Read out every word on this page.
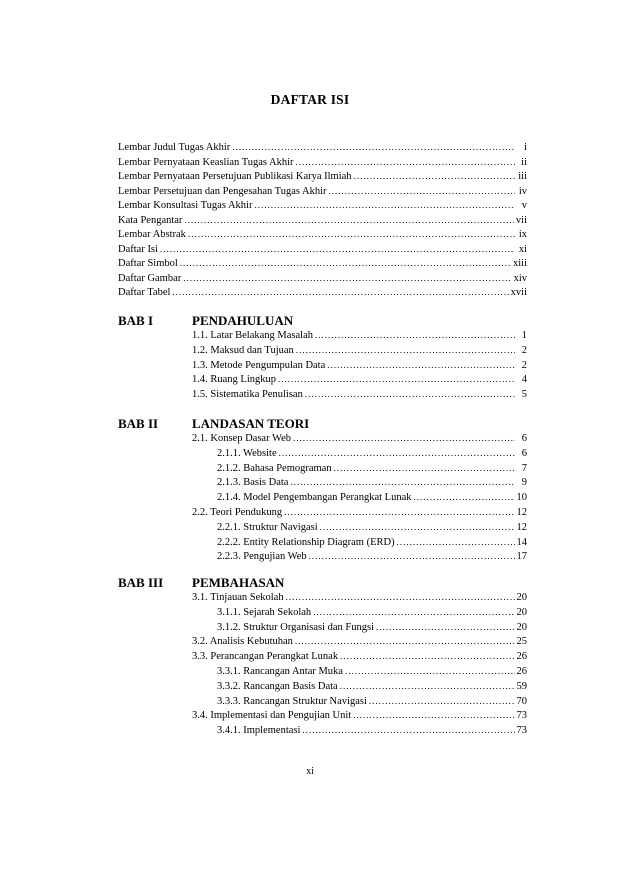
DAFTAR ISI
Lembar Judul Tugas Akhir .....	i
Lembar Pernyataan Keaslian Tugas Akhir .....	ii
Lembar Pernyataan Persetujuan Publikasi Karya Ilmiah .....	iii
Lembar Persetujuan dan Pengesahan Tugas Akhir .....	iv
Lembar Konsultasi Tugas Akhir .....	v
Kata Pengantar .....	vii
Lembar Abstrak .....	ix
Daftar Isi .....	xi
Daftar Simbol .....	xiii
Daftar Gambar .....	xiv
Daftar Tabel .....	xvii
BAB I	PENDAHULUAN
1.1. Latar Belakang Masalah .....	1
1.2. Maksud dan Tujuan .....	2
1.3. Metode Pengumpulan Data .....	2
1.4. Ruang Lingkup .....	4
1.5. Sistematika Penulisan .....	5
BAB II	LANDASAN TEORI
2.1. Konsep Dasar Web .....	6
2.1.1. Website .....	6
2.1.2. Bahasa Pemograman .....	7
2.1.3. Basis Data .....	9
2.1.4. Model Pengembangan Perangkat Lunak .....	10
2.2. Teori Pendukung .....	12
2.2.1. Struktur Navigasi .....	12
2.2.2. Entity Relationship Diagram (ERD) .....	14
2.2.3. Pengujian Web .....	17
BAB III PEMBAHASAN
3.1. Tinjauan Sekolah .....	20
3.1.1. Sejarah Sekolah .....	20
3.1.2. Struktur Organisasi dan Fungsi .....	20
3.2. Analisis Kebutuhan .....	25
3.3. Perancangan Perangkat Lunak .....	26
3.3.1. Rancangan Antar Muka .....	26
3.3.2. Rancangan Basis Data .....	59
3.3.3. Rancangan Struktur Navigasi .....	70
3.4. Implementasi dan Pengujian Unit .....	73
3.4.1. Implementasi .....	73
xi
